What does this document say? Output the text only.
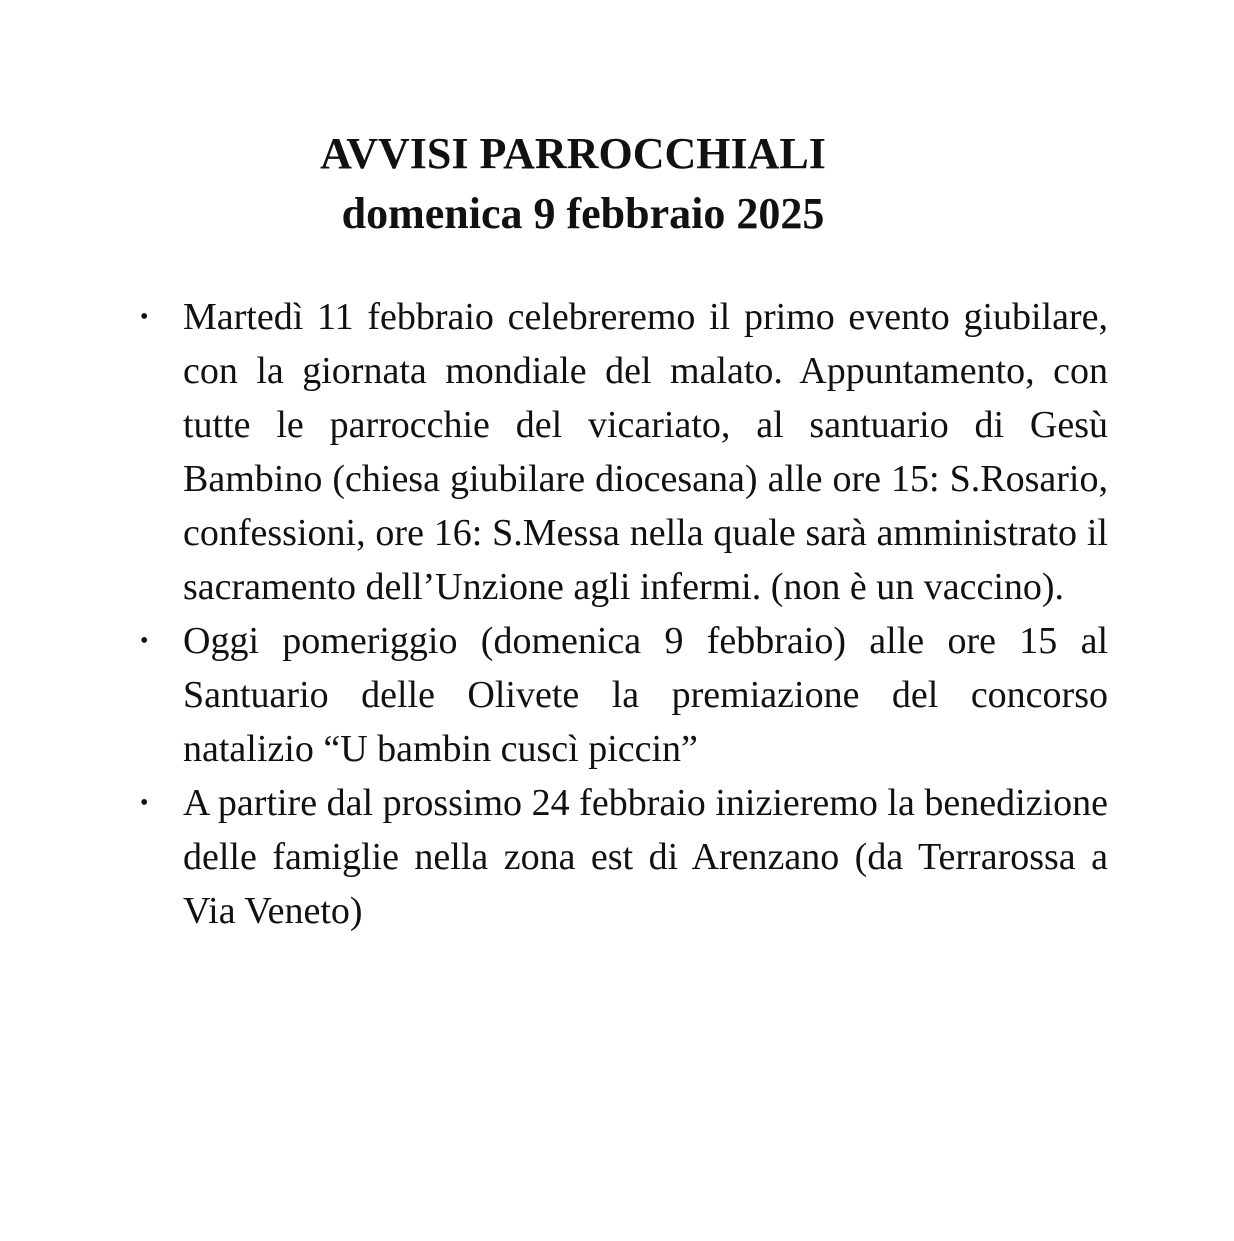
AVVISI PARROCCHIALI
domenica 9 febbraio 2025
• Martedì 11 febbraio celebreremo il primo evento giubilare, con la giornata mondiale del malato. Appuntamento, con tutte le parrocchie del vicariato, al santuario di Gesù Bambino (chiesa giubilare diocesana) alle ore 15: S.Rosario, confessioni, ore 16: S.Messa nella quale sarà amministrato il sacramento dell’Unzione agli infermi. (non è un vaccino).
• Oggi pomeriggio (domenica 9 febbraio) alle ore 15 al Santuario delle Olivete la premiazione del concorso natalizio “U bambin cuscì piccin”
• A partire dal prossimo 24 febbraio inizieremo la benedizione delle famiglie nella zona est di Arenzano (da Terrarossa a Via Veneto)
